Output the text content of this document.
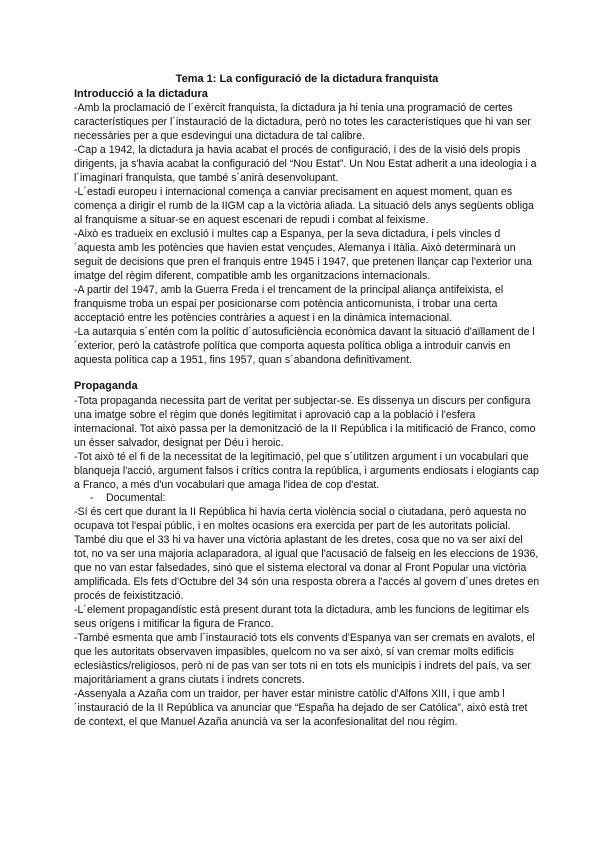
Tema 1: La configuració de la dictadura franquista
Introducció a la dictadura

-Amb la proclamació de l´exèrcit franquista, la dictadura ja hi tenia una programació de certes característiques per l´instauració de la dictadura, però no totes les característiques que hi van ser necessàries per a que esdevingui una dictadura de tal calibre.

-Cap a 1942, la dictadura ja havia acabat el procés de configuració, i des de la visió dels propis dirigents, ja s'havia acabat la configuració del “Nou Estat”. Un Nou Estat adherit a una ideologia i a l´imaginari franquista, que també s´anirà desenvolupant.

-L´estadi europeu i internacional comença a canviar precisament en aquest moment, quan es comença a dirigir el rumb de la IIGM cap a la victòria aliada. La situació dels anys següents obliga al franquisme a situar-se en aquest escenari de repudi i combat al feixisme.

-Això es tradueix en exclusió i multes cap a Espanya, per la seva dictadura, i pels vincles d´aquesta amb les potències que havien estat vençudes, Alemanya i Itàlia. Això determinarà un seguit de decisions que pren el franquis entre 1945 i 1947, que pretenen llançar cap l'exterior una imatge del règim diferent, compatible amb les organitzacions internacionals.

-A partir del 1947, amb la Guerra Freda i el trencament de la principal aliança antifeixista, el franquisme troba un espai per posicionarse com potència anticomunista, i trobar una certa acceptació entre les potències contràries a aquest i en la dinàmica internacional.

-La autarquia s´entén com la polític d´autosuficiència econòmica davant la situació d'aïllament de l´exterior, però la catàstrofe política que comporta aquesta política obliga a introduir canvis en aquesta política cap a 1951, fins 1957, quan s´abandona definitivament.

Propaganda

-Tota propaganda necessita part de veritat per subjectar-se. Es dissenya un discurs per configura una imatge sobre el règim que donés legitimitat i aprovació cap a la població i l'esfera internacional. Tot això passa per la demonització de la II República i la mitificació de Franco, como un ésser salvador, designat per Déu i heroic.

-Tot això té el fi de la necessitat de la legitimació, pel que s´utilitzen argument i un vocabulari que blanqueja l'acció, argument falsos i crítics contra la república, i arguments endiosats i elogiants cap a Franco, a més d'un vocabulari que amaga l'idea de cop d'estat.

- Documental:

-Sí és cert que durant la II República hi havia certa violència social o ciutadana, però aquesta no ocupava tot l'espai públic, i en moltes ocasions era exercida per part de les autoritats policial. També diu que el 33 hi va haver una victòria aplastant de les dretes, cosa que no va ser així del tot, no va ser una majoria aclaparadora, al igual que l'acusació de falseig en les eleccions de 1936, que no van estar falsedades, sinó que el sistema electoral va donar al Front Popular una victòria amplificada. Els fets d'Octubre del 34 són una resposta obrera a l'accés al govern d´unes dretes en procés de feixistització.

-L´element propagandístic està present durant tota la dictadura, amb les funcions de legitimar els seus orígens i mitificar la figura de Franco.

-També esmenta que amb l´instauració tots els convents d'Espanya van ser cremats en avalots, el que les autoritats observaven impasibles, quelcom no va ser això, sí van cremar molts edificis eclesiàstics/religiosos, però ni de pas van ser tots ni en tots els municipis i indrets del país, va ser majoritàriament a grans ciutats i indrets concrets.

-Assenyala a Azaña com un traidor, per haver estar ministre catòlic d'Alfons XIII, i que amb l´instauració de la II República va anunciar que “España ha dejado de ser Católica”, això està tret de context, el que Manuel Azaña anuncià va ser la aconfesionalitat del nou règim.
